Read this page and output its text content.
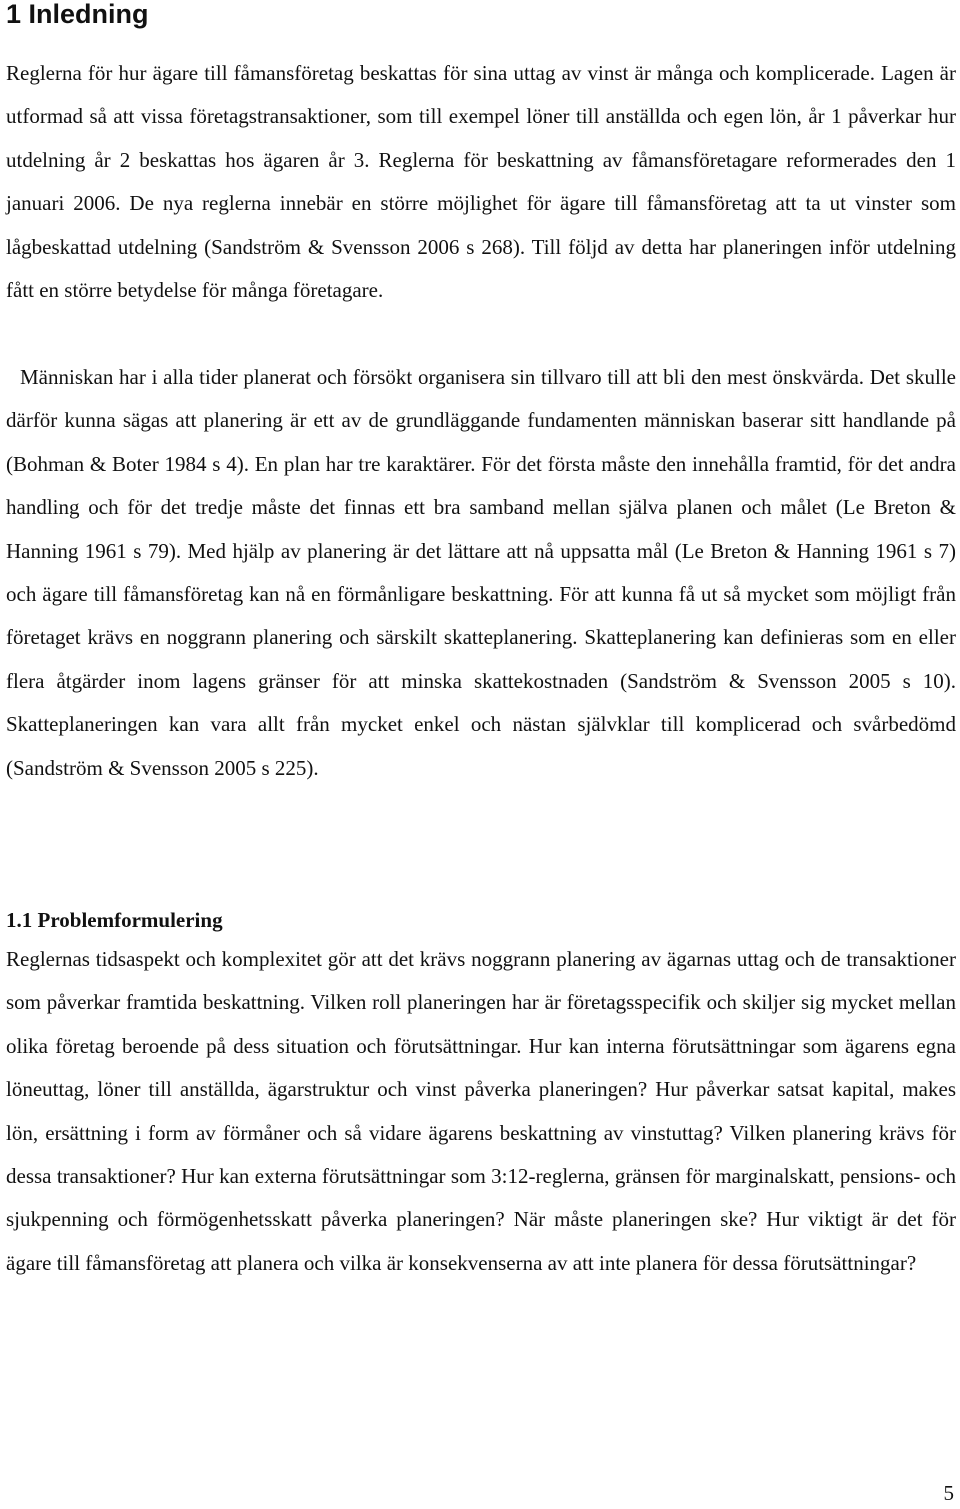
1 Inledning

Reglerna för hur ägare till fåmansföretag beskattas för sina uttag av vinst är många och komplicerade. Lagen är utformad så att vissa företagstransaktioner, som till exempel löner till anställda och egen lön, år 1 påverkar hur utdelning år 2 beskattas hos ägaren år 3. Reglerna för beskattning av fåmansföretagare reformerades den 1 januari 2006. De nya reglerna innebär en större möjlighet för ägare till fåmansföretag att ta ut vinster som lågbeskattad utdelning (Sandström & Svensson 2006 s 268). Till följd av detta har planeringen inför utdelning fått en större betydelse för många företagare.

Människan har i alla tider planerat och försökt organisera sin tillvaro till att bli den mest önskvärda. Det skulle därför kunna sägas att planering är ett av de grundläggande fundamenten människan baserar sitt handlande på (Bohman & Boter 1984 s 4). En plan har tre karaktärer. För det första måste den innehålla framtid, för det andra handling och för det tredje måste det finnas ett bra samband mellan själva planen och målet (Le Breton & Hanning 1961 s 79). Med hjälp av planering är det lättare att nå uppsatta mål (Le Breton & Hanning 1961 s 7) och ägare till fåmansföretag kan nå en förmånligare beskattning. För att kunna få ut så mycket som möjligt från företaget krävs en noggrann planering och särskilt skatteplanering. Skatteplanering kan definieras som en eller flera åtgärder inom lagens gränser för att minska skattekostnaden (Sandström & Svensson 2005 s 10). Skatteplaneringen kan vara allt från mycket enkel och nästan självklar till komplicerad och svårbedömd (Sandström & Svensson 2005 s 225).

1.1 Problemformulering

Reglernas tidsaspekt och komplexitet gör att det krävs noggrann planering av ägarnas uttag och de transaktioner som påverkar framtida beskattning. Vilken roll planeringen har är företagsspecifik och skiljer sig mycket mellan olika företag beroende på dess situation och förutsättningar. Hur kan interna förutsättningar som ägarens egna löneuttag, löner till anställda, ägarstruktur och vinst påverka planeringen? Hur påverkar satsat kapital, makes lön, ersättning i form av förmåner och så vidare ägarens beskattning av vinstuttag? Vilken planering krävs för dessa transaktioner? Hur kan externa förutsättningar som 3:12-reglerna, gränsen för marginalskatt, pensions- och sjukpenning och förmögenhetsskatt påverka planeringen? När måste planeringen ske? Hur viktigt är det för ägare till fåmansföretag att planera och vilka är konsekvenserna av att inte planera för dessa förutsättningar?

5
